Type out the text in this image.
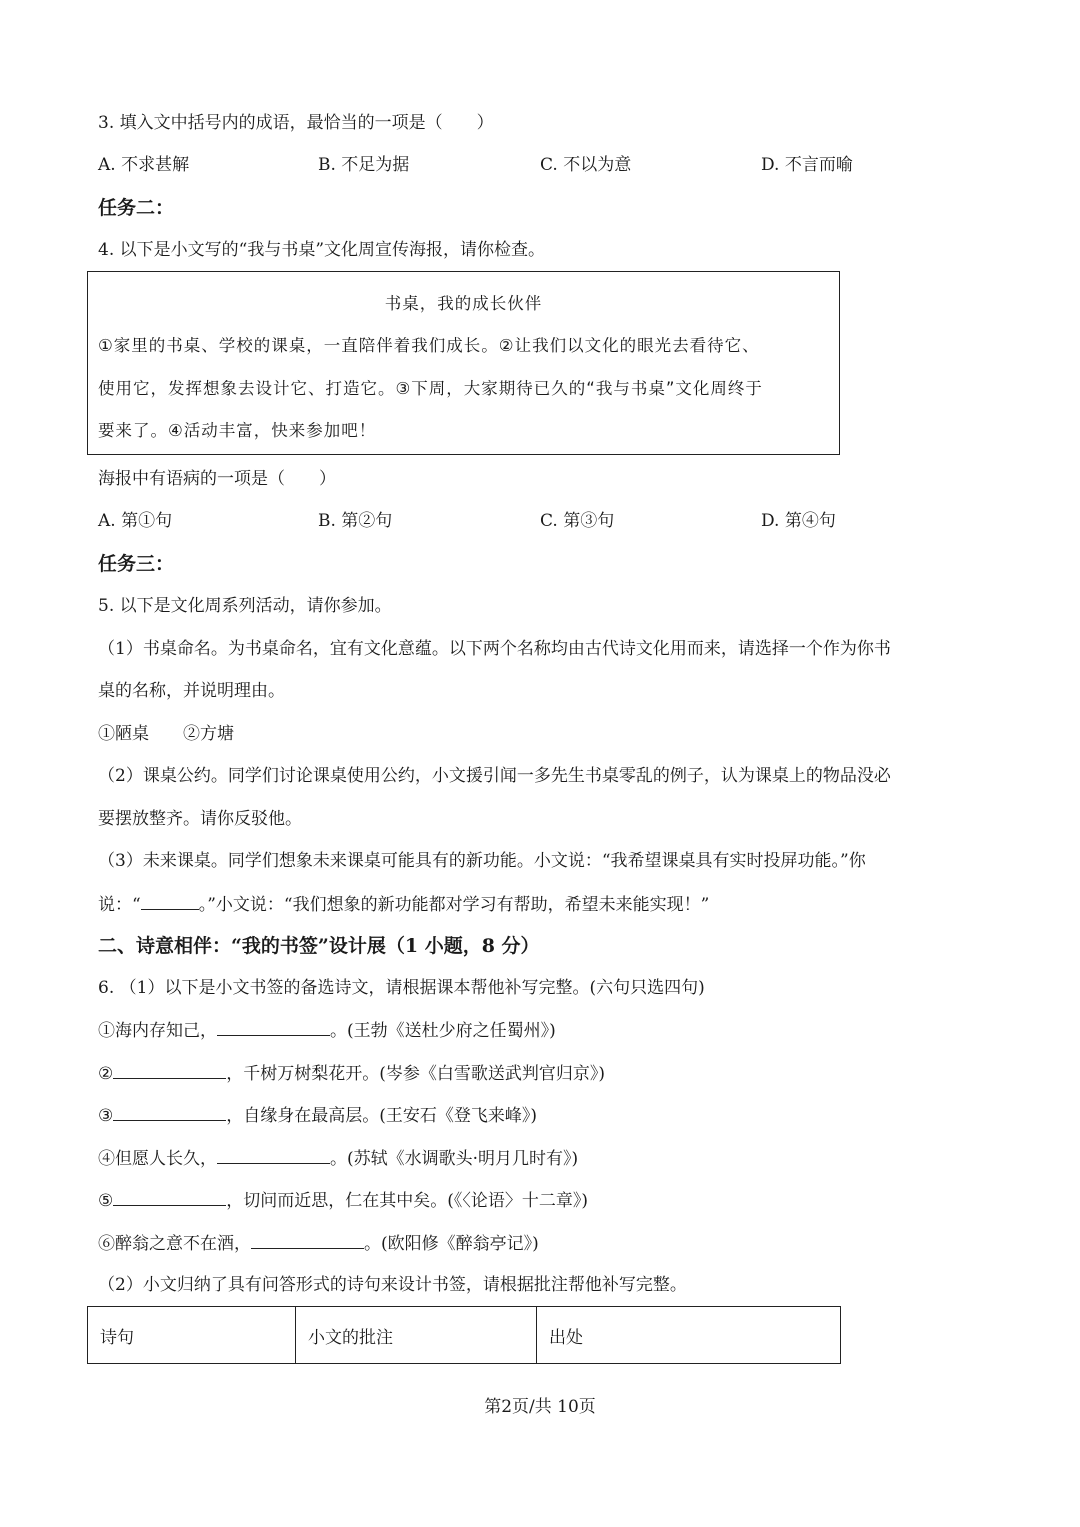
3. 填入文中括号内的成语，最恰当的一项是（　　）
A. 不求甚解	B. 不足为据	C. 不以为意	D. 不言而喻
任务二：
4. 以下是小文写的“我与书桌”文化周宣传海报，请你检查。
书桌，我的成长伙伴
①家里的书桌、学校的课桌，一直陪伴着我们成长。②让我们以文化的眼光去看待它、
使用它，发挥想象去设计它、打造它。③下周，大家期待已久的“我与书桌”文化周终于
要来了。④活动丰富，快来参加吧！
海报中有语病的一项是（　　）
A. 第①句	B. 第②句	C. 第③句	D. 第④句
任务三：
5. 以下是文化周系列活动，请你参加。
（1）书桌命名。为书桌命名，宜有文化意蕴。以下两个名称均由古代诗文化用而来，请选择一个作为你书
桌的名称，并说明理由。
①陋桌　　②方塘
（2）课桌公约。同学们讨论课桌使用公约，小文援引闻一多先生书桌零乱的例子，认为课桌上的物品没必
要摆放整齐。请你反驳他。
（3）未来课桌。同学们想象未来课桌可能具有的新功能。小文说：“我希望课桌具有实时投屏功能。”你
说：“	。”小文说：“我们想象的新功能都对学习有帮助，希望未来能实现！”
二、诗意相伴：“我的书签”设计展（1 小题，8 分）
6. （1）以下是小文书签的备选诗文，请根据课本帮他补写完整。(六句只选四句)
①海内存知己，	。(王勃《送杜少府之任蜀州》)
②	，千树万树梨花开。(岑参《白雪歌送武判官归京》)
③	，自缘身在最高层。(王安石《登飞来峰》)
④但愿人长久，	。(苏轼《水调歌头·明月几时有》)
⑤	，切问而近思，仁在其中矣。(《〈论语〉十二章》)
⑥醉翁之意不在酒，	。(欧阳修《醉翁亭记》)
（2）小文归纳了具有问答形式的诗句来设计书签，请根据批注帮他补写完整。
诗句	小文的批注	出处
第2页/共 10页
